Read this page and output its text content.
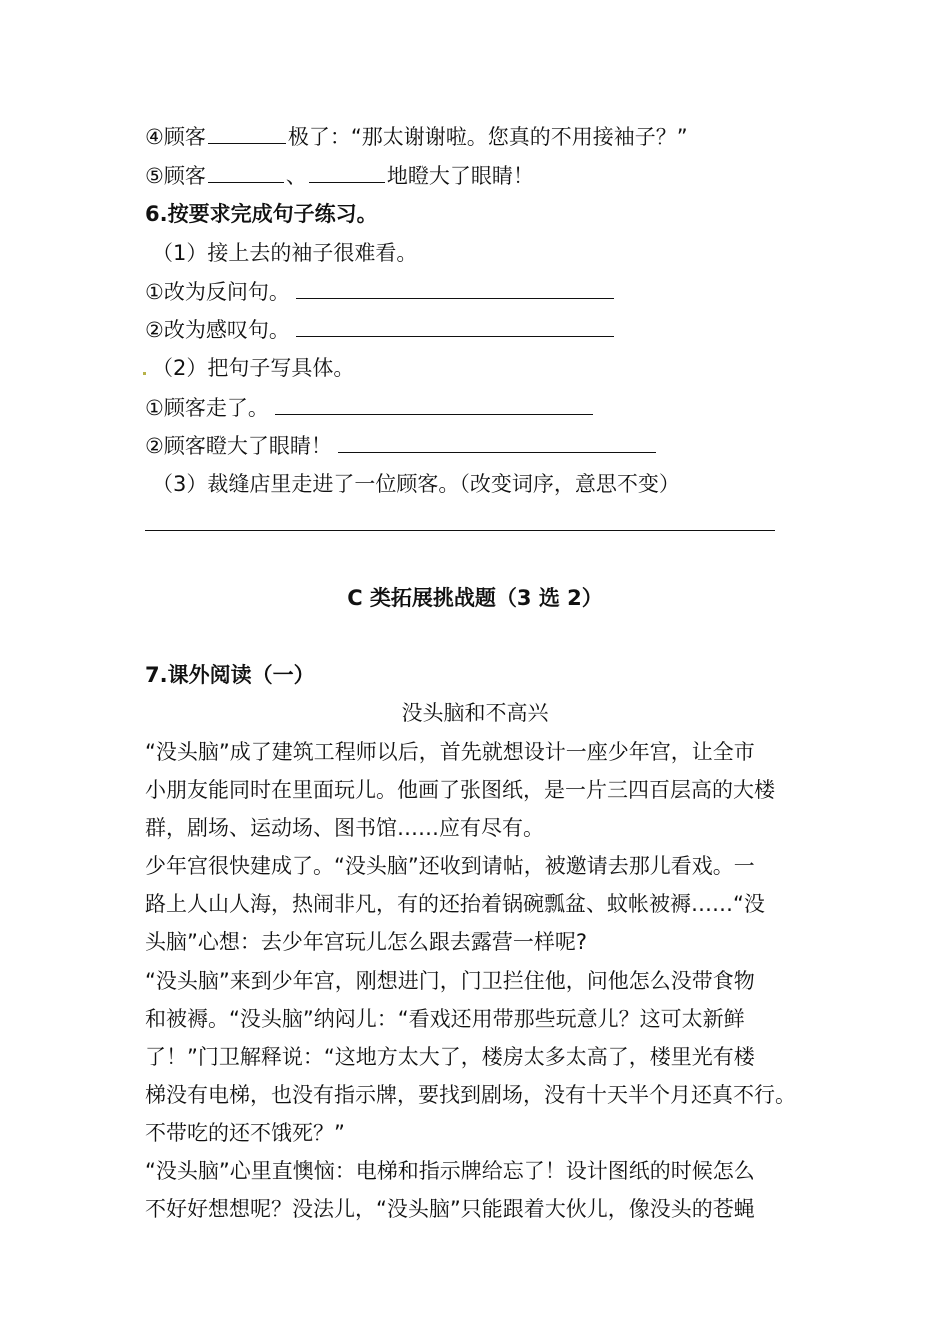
④顾客	极了：“那太谢谢啦。您真的不用接袖子？”
⑤顾客	、	地瞪大了眼睛！
6.按要求完成句子练习。
（1）接上去的袖子很难看。
①改为反问句。
②改为感叹句。
（2）把句子写具体。
①顾客走了。
②顾客瞪大了眼睛！
（3）裁缝店里走进了一位顾客。（改变词序，意思不变）
C 类拓展挑战题（3 选 2）
7.课外阅读（一）
没头脑和不高兴
“没头脑”成了建筑工程师以后，首先就想设计一座少年宫，让全市
小朋友能同时在里面玩儿。他画了张图纸，是一片三四百层高的大楼
群，剧场、运动场、图书馆……应有尽有。
少年宫很快建成了。“没头脑”还收到请帖，被邀请去那儿看戏。一
路上人山人海，热闹非凡，有的还抬着锅碗瓢盆、蚊帐被褥……“没
头脑”心想：去少年宫玩儿怎么跟去露营一样呢?
“没头脑”来到少年宫，刚想进门，门卫拦住他，问他怎么没带食物
和被褥。“没头脑”纳闷儿：“看戏还用带那些玩意儿？这可太新鲜
了！”门卫解释说：“这地方太大了，楼房太多太高了，楼里光有楼
梯没有电梯，也没有指示牌，要找到剧场，没有十天半个月还真不行。
不带吃的还不饿死？”
“没头脑”心里直懊恼：电梯和指示牌给忘了！设计图纸的时候怎么
不好好想想呢？没法儿，“没头脑”只能跟着大伙儿，像没头的苍蝇
